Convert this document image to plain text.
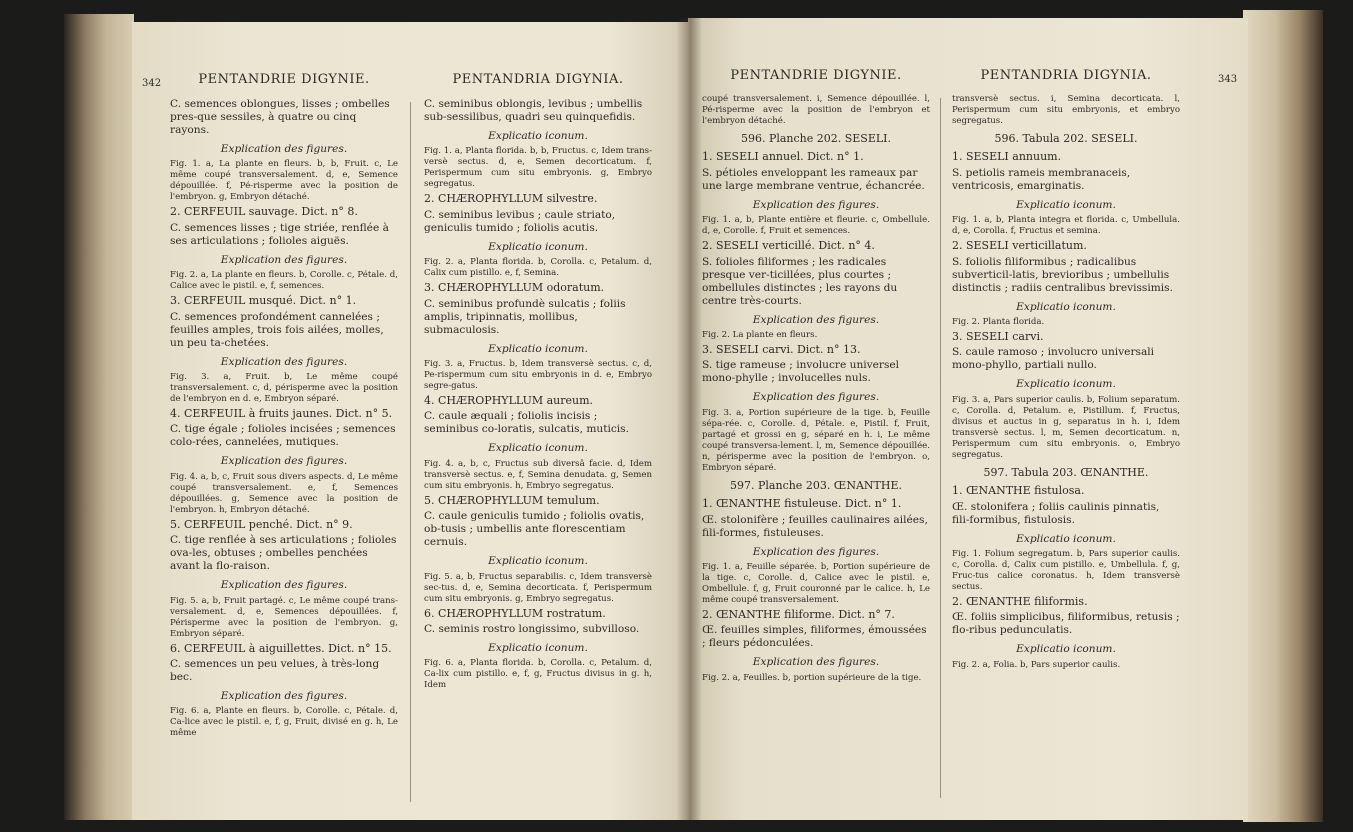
342	PENTANDRIE DIGYNIE.

C. semences oblongues, lisses ; ombelles pres-que sessiles, à quatre ou cinq rayons.

Explication des figures.

Fig. 1. a, La plante en fleurs. b, b, Fruit. c, Le même coupé transversalement. d, e, Semence dépouillée. f, Pé-risperme avec la position de l'embryon. g, Embryon détaché.

2. CERFEUIL sauvage. Dict. n° 8.

C. semences lisses ; tige striée, renflée à ses articulations ; folioles aiguës.

Explication des figures.

Fig. 2. a, La plante en fleurs. b, Corolle. c, Pétale. d, Calice avec le pistil. e, f, semences.

3. CERFEUIL musqué. Dict. n° 1.

C. semences profondément cannelées ; feuilles amples, trois fois ailées, molles, un peu ta-chetées.

Explication des figures.

Fig. 3. a, Fruit. b, Le même coupé transversalement. c, d, périsperme avec la position de l'embryon en d. e, Embryon séparé.

4. CERFEUIL à fruits jaunes. Dict. n° 5.

C. tige égale ; folioles incisées ; semences colo-rées, cannelées, mutiques.

Explication des figures.

Fig. 4. a, b, c, Fruit sous divers aspects. d, Le même coupé transversalement. e, f, Semences dépouillées. g, Semence avec la position de l'embryon. h, Embryon détaché.

5. CERFEUIL penché. Dict. n° 9.

C. tige renflée à ses articulations ; folioles ova-les, obtuses ; ombelles penchées avant la flo-raison.

Explication des figures.

Fig. 5. a, b, Fruit partagé. c, Le même coupé trans-versalement. d, e, Semences dépouillées. f, Périsperme avec la position de l'embryon. g, Embryon séparé.

6. CERFEUIL à aiguillettes. Dict. n° 15.

C. semences un peu velues, à très-long bec.

Explication des figures.

Fig. 6. a, Plante en fleurs. b, Corolle. c, Pétale. d, Ca-lice avec le pistil. e, f, g, Fruit, divisé en g. h, Le même

PENTANDRIA DIGYNIA.

C. seminibus oblongis, levibus ; umbellis sub-sessilibus, quadri seu quinquefidis.

Explicatio iconum.

Fig. 1. a, Planta florida. b, b, Fructus. c, Idem trans-versè sectus. d, e, Semen decorticatum. f, Perispermum cum situ embryonis. g, Embryo segregatus.

2. CHÆROPHYLLUM silvestre.

C. seminibus levibus ; caule striato, geniculis tumido ; foliolis acutis.

Explicatio iconum.

Fig. 2. a, Planta florida. b, Corolla. c, Petalum. d, Calix cum pistillo. e, f, Semina.

3. CHÆROPHYLLUM odoratum.

C. seminibus profundè sulcatis ; foliis amplis, tripinnatis, mollibus, submaculosis.

Explicatio iconum.

Fig. 3. a, Fructus. b, Idem transversè sectus. c, d, Pe-rispermum cum situ embryonis in d. e, Embryo segre-gatus.

4. CHÆROPHYLLUM aureum.

C. caule æquali ; foliolis incisis ; seminibus co-loratis, sulcatis, muticis.

Explicatio iconum.

Fig. 4. a, b, c, Fructus sub diversâ facie. d, Idem transversè sectus. e, f, Semina denudata. g, Semen cum situ embryonis. h, Embryo segregatus.

5. CHÆROPHYLLUM temulum.

C. caule geniculis tumido ; foliolis ovatis, ob-tusis ; umbellis ante florescentiam cernuis.

Explicatio iconum.

Fig. 5. a, b, Fructus separabilis. c, Idem transversè sec-tus. d, e, Semina decorticata. f, Perispermum cum situ embryonis. g, Embryo segregatus.

6. CHÆROPHYLLUM rostratum.

C. seminis rostro longissimo, subvilloso.

Explicatio iconum.

Fig. 6. a, Planta florida. b, Corolla. c, Petalum. d, Ca-lix cum pistillo. e, f, g, Fructus divisus in g. h, Idem

PENTANDRIE DIGYNIE.

coupé transversalement. i, Semence dépouillée. l, Pé-risperme avec la position de l'embryon et l'embryon détaché.

596. Planche 202. SESELI.

1. SESELI annuel. Dict. n° 1.

S. pétioles enveloppant les rameaux par une large membrane ventrue, échancrée.

Explication des figures.

Fig. 1. a, b, Plante entière et fleurie. c, Ombellule. d, e, Corolle. f, Fruit et semences.

2. SESELI verticillé. Dict. n° 4.

S. folioles filiformes ; les radicales presque ver-ticillées, plus courtes ; ombellules distinctes ; les rayons du centre très-courts.

Explication des figures.

Fig. 2. La plante en fleurs.

3. SESELI carvi. Dict. n° 13.

S. tige rameuse ; involucre universel mono-phylle ; involucelles nuls.

Explication des figures.

Fig. 3. a, Portion supérieure de la tige. b, Feuille sépa-rée. c, Corolle. d, Pétale. e, Pistil. f, Fruit, partagé et grossi en g, séparé en h. i, Le même coupé transversa-lement. l, m, Semence dépouillée. n, périsperme avec la position de l'embryon. o, Embryon séparé.

597. Planche 203. ŒNANTHE.

1. ŒNANTHE fistuleuse. Dict. n° 1.

Œ. stolonifère ; feuilles caulinaires ailées, fili-formes, fistuleuses.

Explication des figures.

Fig. 1. a, Feuille séparée. b, Portion supérieure de la tige. c, Corolle. d, Calice avec le pistil. e, Ombellule. f, g, Fruit couronné par le calice. h, Le même coupé transversalement.

2. ŒNANTHE filiforme. Dict. n° 7.

Œ. feuilles simples, filiformes, émoussées ; fleurs pédonculées.

Explication des figures.

Fig. 2. a, Feuilles. b, portion supérieure de la tige.

PENTANDRIA DIGYNIA.

transversè sectus. i, Semina decorticata. l, Perispermum cum situ embryonis, et embryo segregatus.

596. Tabula 202. SESELI.

1. SESELI annuum.

S. petiolis rameis membranaceis, ventricosis, emarginatis.

Explicatio iconum.

Fig. 1. a, b, Planta integra et florida. c, Umbellula. d, e, Corolla. f, Fructus et semina.

2. SESELI verticillatum.

S. foliolis filiformibus ; radicalibus subverticil-latis, brevioribus ; umbellulis distinctis ; radiis centralibus brevissimis.

Explicatio iconum.

Fig. 2. Planta florida.

3. SESELI carvi.

S. caule ramoso ; involucro universali mono-phyllo, partiali nullo.

Explicatio iconum.

Fig. 3. a, Pars superior caulis. b, Folium separatum. c, Corolla. d, Petalum. e, Pistillum. f, Fructus, divisus et auctus in g, separatus in h. i, Idem transversè sectus. l, m, Semen decorticatum. n, Perispermum cum situ embryonis. o, Embryo segregatus.

597. Tabula 203. ŒNANTHE.

1. ŒNANTHE fistulosa.

Œ. stolonifera ; foliis caulinis pinnatis, fili-formibus, fistulosis.

Explicatio iconum.

Fig. 1. Folium segregatum. b, Pars superior caulis. c, Corolla. d, Calix cum pistillo. e, Umbellula. f, g, Fruc-tus calice coronatus. h, Idem transversè sectus.

2. ŒNANTHE filiformis.

Œ. foliis simplicibus, filiformibus, retusis ; flo-ribus pedunculatis.

Explicatio iconum.

Fig. 2. a, Folia. b, Pars superior caulis.

343
